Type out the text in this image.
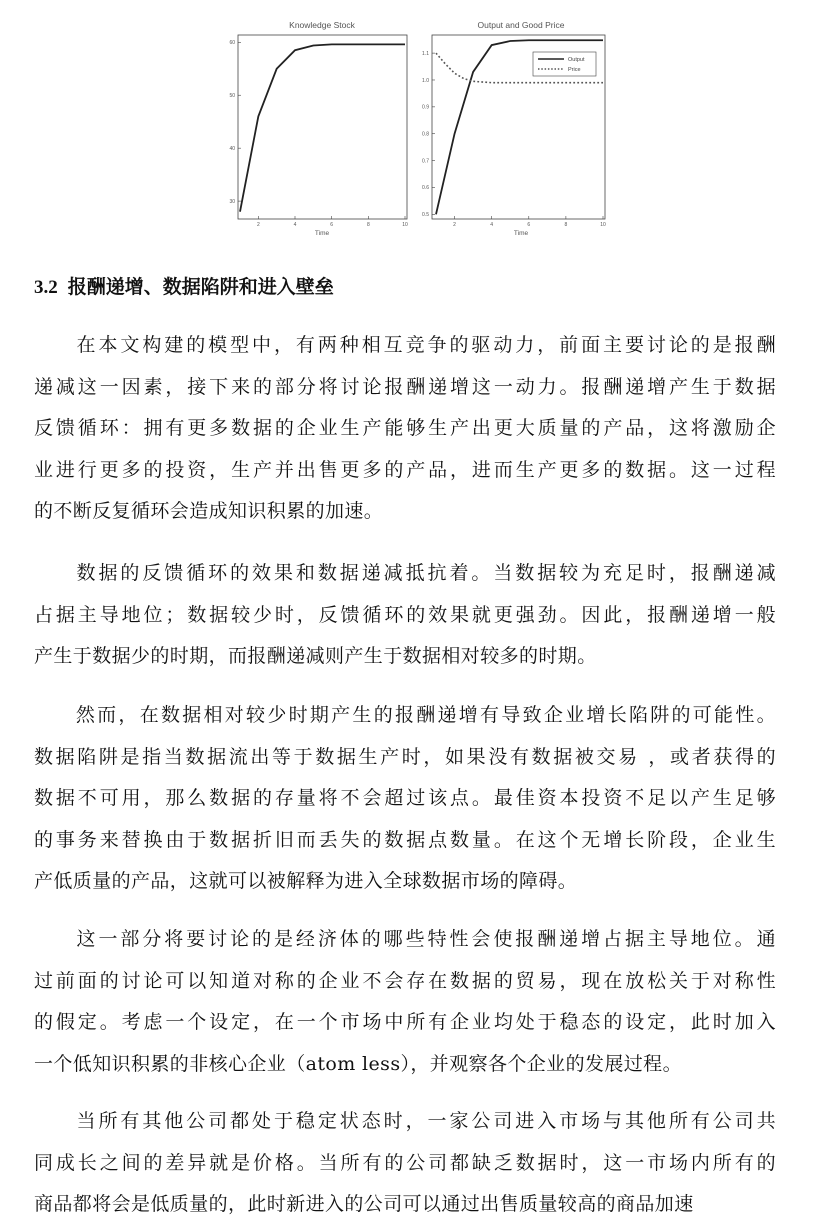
Knowledge Stock
60
50
40
30
2	4	6	8	10
Time
Output and Good Price
1.1
1.0
0.9
0.8
0.7
0.6
0.5
2	4	6	8	10
Time
Output
Price
3.2 报酬递增、数据陷阱和进入壁垒
在本文构建的模型中，有两种相互竞争的驱动力，前面主要讨论的是报酬
递减这一因素，接下来的部分将讨论报酬递增这一动力。报酬递增产生于数据
反馈循环：拥有更多数据的企业生产能够生产出更大质量的产品，这将激励企
业进行更多的投资，生产并出售更多的产品，进而生产更多的数据。这一过程
的不断反复循环会造成知识积累的加速。
数据的反馈循环的效果和数据递减抵抗着。当数据较为充足时，报酬递减
占据主导地位；数据较少时，反馈循环的效果就更强劲。因此，报酬递增一般
产生于数据少的时期，而报酬递减则产生于数据相对较多的时期。
然而，在数据相对较少时期产生的报酬递增有导致企业增长陷阱的可能性。
数据陷阱是指当数据流出等于数据生产时，如果没有数据被交易 ，或者获得的
数据不可用，那么数据的存量将不会超过该点。最佳资本投资不足以产生足够
的事务来替换由于数据折旧而丢失的数据点数量。在这个无增长阶段，企业生
产低质量的产品，这就可以被解释为进入全球数据市场的障碍。
这一部分将要讨论的是经济体的哪些特性会使报酬递增占据主导地位。通
过前面的讨论可以知道对称的企业不会存在数据的贸易，现在放松关于对称性
的假定。考虑一个设定，在一个市场中所有企业均处于稳态的设定，此时加入
一个低知识积累的非核心企业（atom less），并观察各个企业的发展过程。
当所有其他公司都处于稳定状态时，一家公司进入市场与其他所有公司共
同成长之间的差异就是价格。当所有的公司都缺乏数据时，这一市场内所有的
商品都将会是低质量的，此时新进入的公司可以通过出售质量较高的商品加速
